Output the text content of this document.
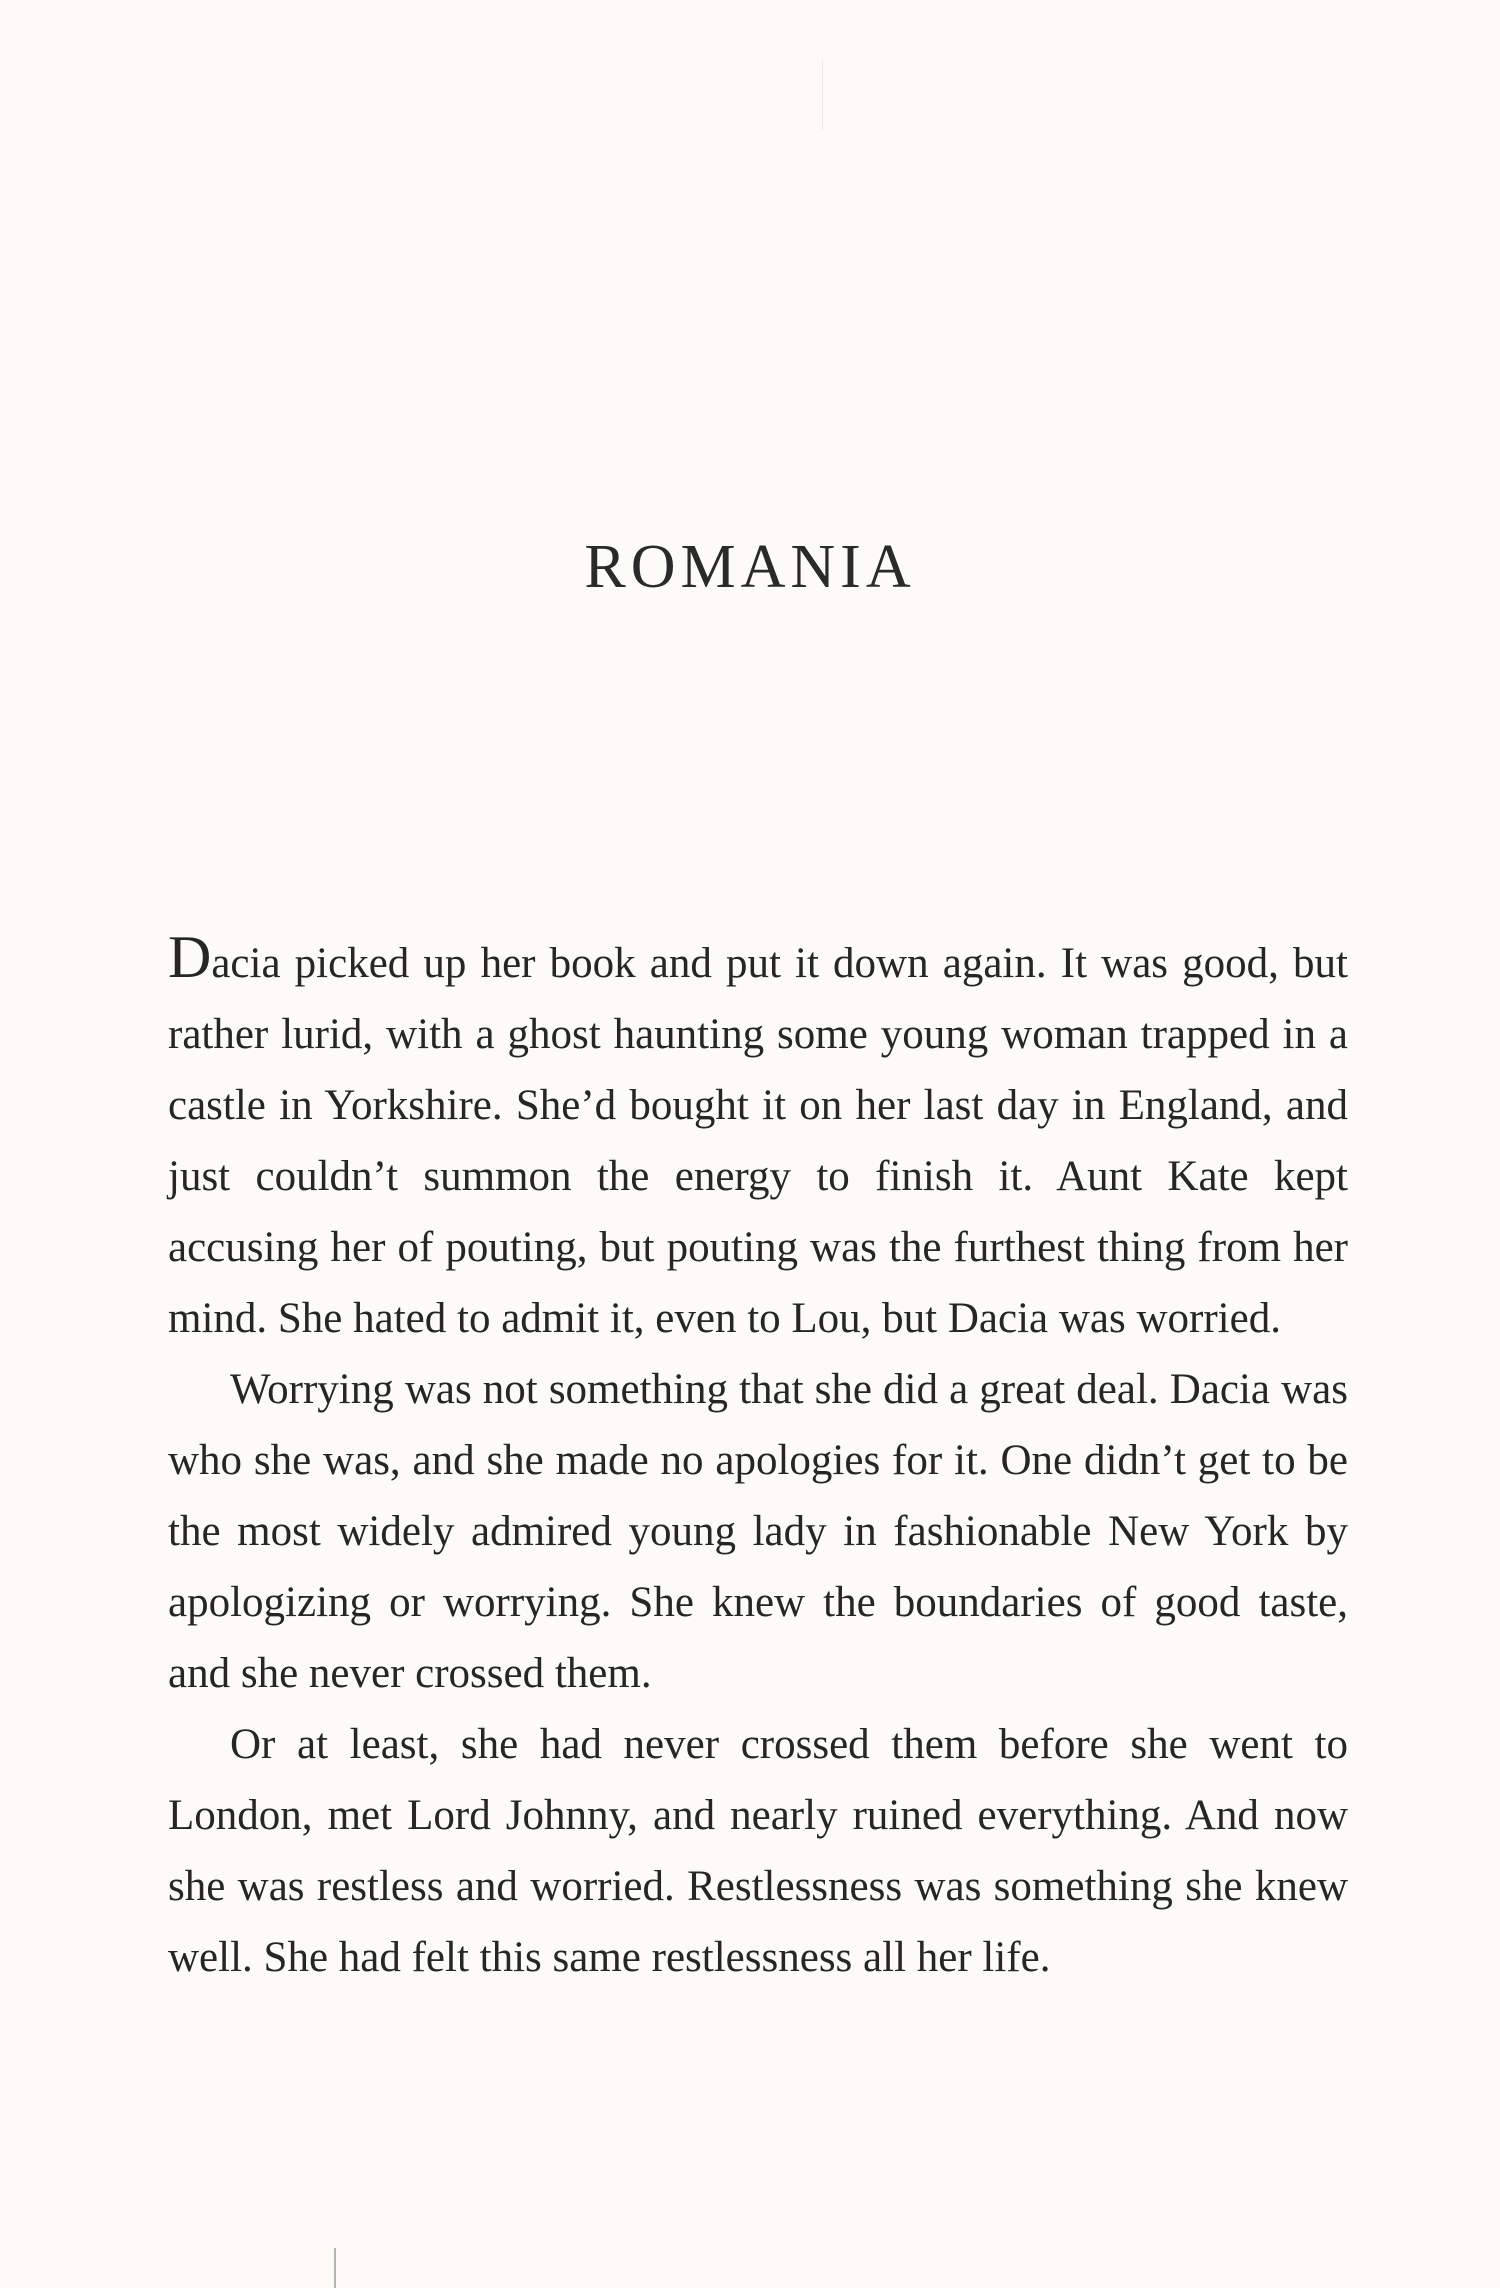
ROMANIA

Dacia picked up her book and put it down again. It was good, but rather lurid, with a ghost haunting some young woman trapped in a castle in Yorkshire. She’d bought it on her last day in England, and just couldn’t summon the energy to finish it. Aunt Kate kept accusing her of pouting, but pouting was the furthest thing from her mind. She hated to admit it, even to Lou, but Dacia was worried.

Worrying was not something that she did a great deal. Dacia was who she was, and she made no apologies for it. One didn’t get to be the most widely admired young lady in fashionable New York by apologizing or worrying. She knew the boundaries of good taste, and she never crossed them.

Or at least, she had never crossed them before she went to London, met Lord Johnny, and nearly ruined everything. And now she was restless and worried. Restlessness was something she knew well. She had felt this same restlessness all her life.
